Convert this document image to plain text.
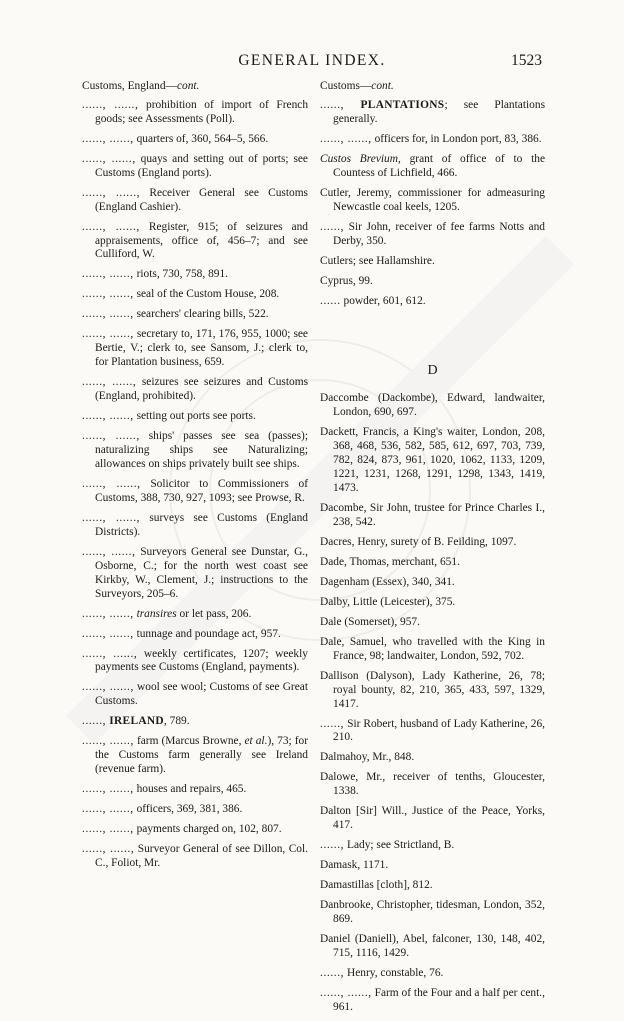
GENERAL INDEX.	1523
Customs, England—cont.
......, ......, prohibition of import of French goods; see Assessments (Poll).
......, ......, quarters of, 360, 564–5, 566.
......, ......, quays and setting out of ports; see Customs (England ports).
......, ......, Receiver General see Customs (England Cashier).
......, ......, Register, 915; of seizures and appraisements, office of, 456–7; and see Culliford, W.
......, ......, riots, 730, 758, 891.
......, ......, seal of the Custom House, 208.
......, ......, searchers' clearing bills, 522.
......, ......, secretary to, 171, 176, 955, 1000; see Bertie, V.; clerk to, see Sansom, J.; clerk to, for Plantation business, 659.
......, ......, seizures see seizures and Customs (England, prohibited).
......, ......, setting out ports see ports.
......, ......, ships' passes see sea (passes); naturalizing ships see Naturalizing; allowances on ships privately built see ships.
......, ......, Solicitor to Commissioners of Customs, 388, 730, 927, 1093; see Prowse, R.
......, ......, surveys see Customs (England Districts).
......, ......, Surveyors General see Dunstar, G., Osborne, C.; for the north west coast see Kirkby, W., Clement, J.; instructions to the Surveyors, 205–6.
......, ......, transires or let pass, 206.
......, ......, tunnage and poundage act, 957.
......, ......, weekly certificates, 1207; weekly payments see Customs (England, payments).
......, ......, wool see wool; Customs of see Great Customs.
......, IRELAND, 789.
......, ......, farm (Marcus Browne, et al.), 73; for the Customs farm generally see Ireland (revenue farm).
......, ......, houses and repairs, 465.
......, ......, officers, 369, 381, 386.
......, ......, payments charged on, 102, 807.
......, ......, Surveyor General of see Dillon, Col. C., Foliot, Mr.
Customs—cont.
......, PLANTATIONS; see Plantations generally.
......, ......, officers for, in London port, 83, 386.
Custos Brevium, grant of office of to the Countess of Lichfield, 466.
Cutler, Jeremy, commissioner for admeasuring Newcastle coal keels, 1205.
......, Sir John, receiver of fee farms Notts and Derby, 350.
Cutlers; see Hallamshire.
Cyprus, 99.
...... powder, 601, 612.
D
Daccombe (Dackombe), Edward, landwaiter, London, 690, 697.
Dackett, Francis, a King's waiter, London, 208, 368, 468, 536, 582, 585, 612, 697, 703, 739, 782, 824, 873, 961, 1020, 1062, 1133, 1209, 1221, 1231, 1268, 1291, 1298, 1343, 1419, 1473.
Dacombe, Sir John, trustee for Prince Charles I., 238, 542.
Dacres, Henry, surety of B. Feilding, 1097.
Dade, Thomas, merchant, 651.
Dagenham (Essex), 340, 341.
Dalby, Little (Leicester), 375.
Dale (Somerset), 957.
Dale, Samuel, who travelled with the King in France, 98; landwaiter, London, 592, 702.
Dallison (Dalyson), Lady Katherine, 26, 78; royal bounty, 82, 210, 365, 433, 597, 1329, 1417.
......, Sir Robert, husband of Lady Katherine, 26, 210.
Dalmahoy, Mr., 848.
Dalowe, Mr., receiver of tenths, Gloucester, 1338.
Dalton [Sir] Will., Justice of the Peace, Yorks, 417.
......, Lady; see Strictland, B.
Damask, 1171.
Damastillas [cloth], 812.
Danbrooke, Christopher, tidesman, London, 352, 869.
Daniel (Daniell), Abel, falconer, 130, 148, 402, 715, 1116, 1429.
......, Henry, constable, 76.
......, ......, Farm of the Four and a half per cent., 961.
